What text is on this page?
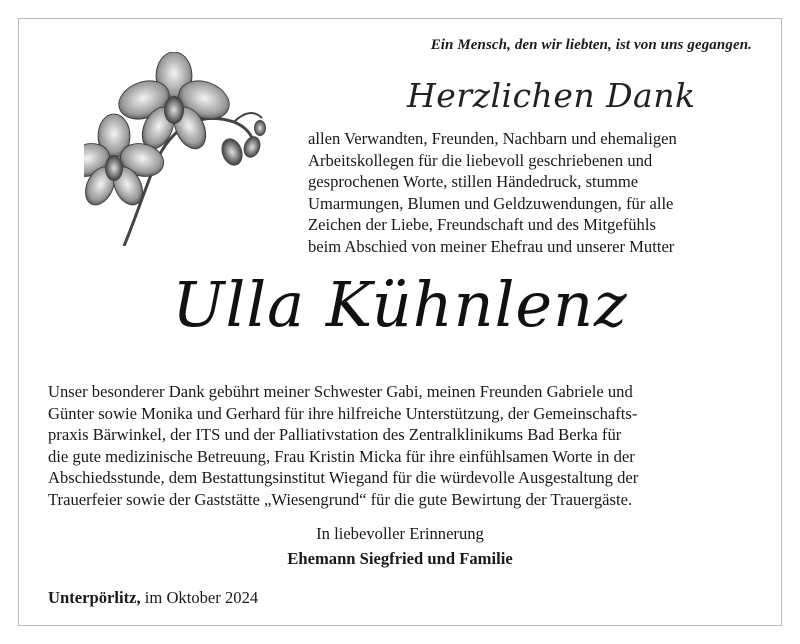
Ein Mensch, den wir liebten, ist von uns gegangen.
Herzlichen Dank
allen Verwandten, Freunden, Nachbarn und ehemaligen
Arbeitskollegen für die liebevoll geschriebenen und
gesprochenen Worte, stillen Händedruck, stumme
Umarmungen, Blumen und Geldzuwendungen, für alle
Zeichen der Liebe, Freundschaft und des Mitgefühls
beim Abschied von meiner Ehefrau und unserer Mutter
Ulla Kühnlenz
Unser besonderer Dank gebührt meiner Schwester Gabi, meinen Freunden Gabriele und
Günter sowie Monika und Gerhard für ihre hilfreiche Unterstützung, der Gemeinschafts-
praxis Bärwinkel, der ITS und der Palliativstation des Zentralklinikums Bad Berka für
die gute medizinische Betreuung, Frau Kristin Micka für ihre einfühlsamen Worte in der
Abschiedsstunde, dem Bestattungsinstitut Wiegand für die würdevolle Ausgestaltung der
Trauerfeier sowie der Gaststätte „Wiesengrund“ für die gute Bewirtung der Trauergäste.
In liebevoller Erinnerung
Ehemann Siegfried und Familie
Unterpörlitz, im Oktober 2024
